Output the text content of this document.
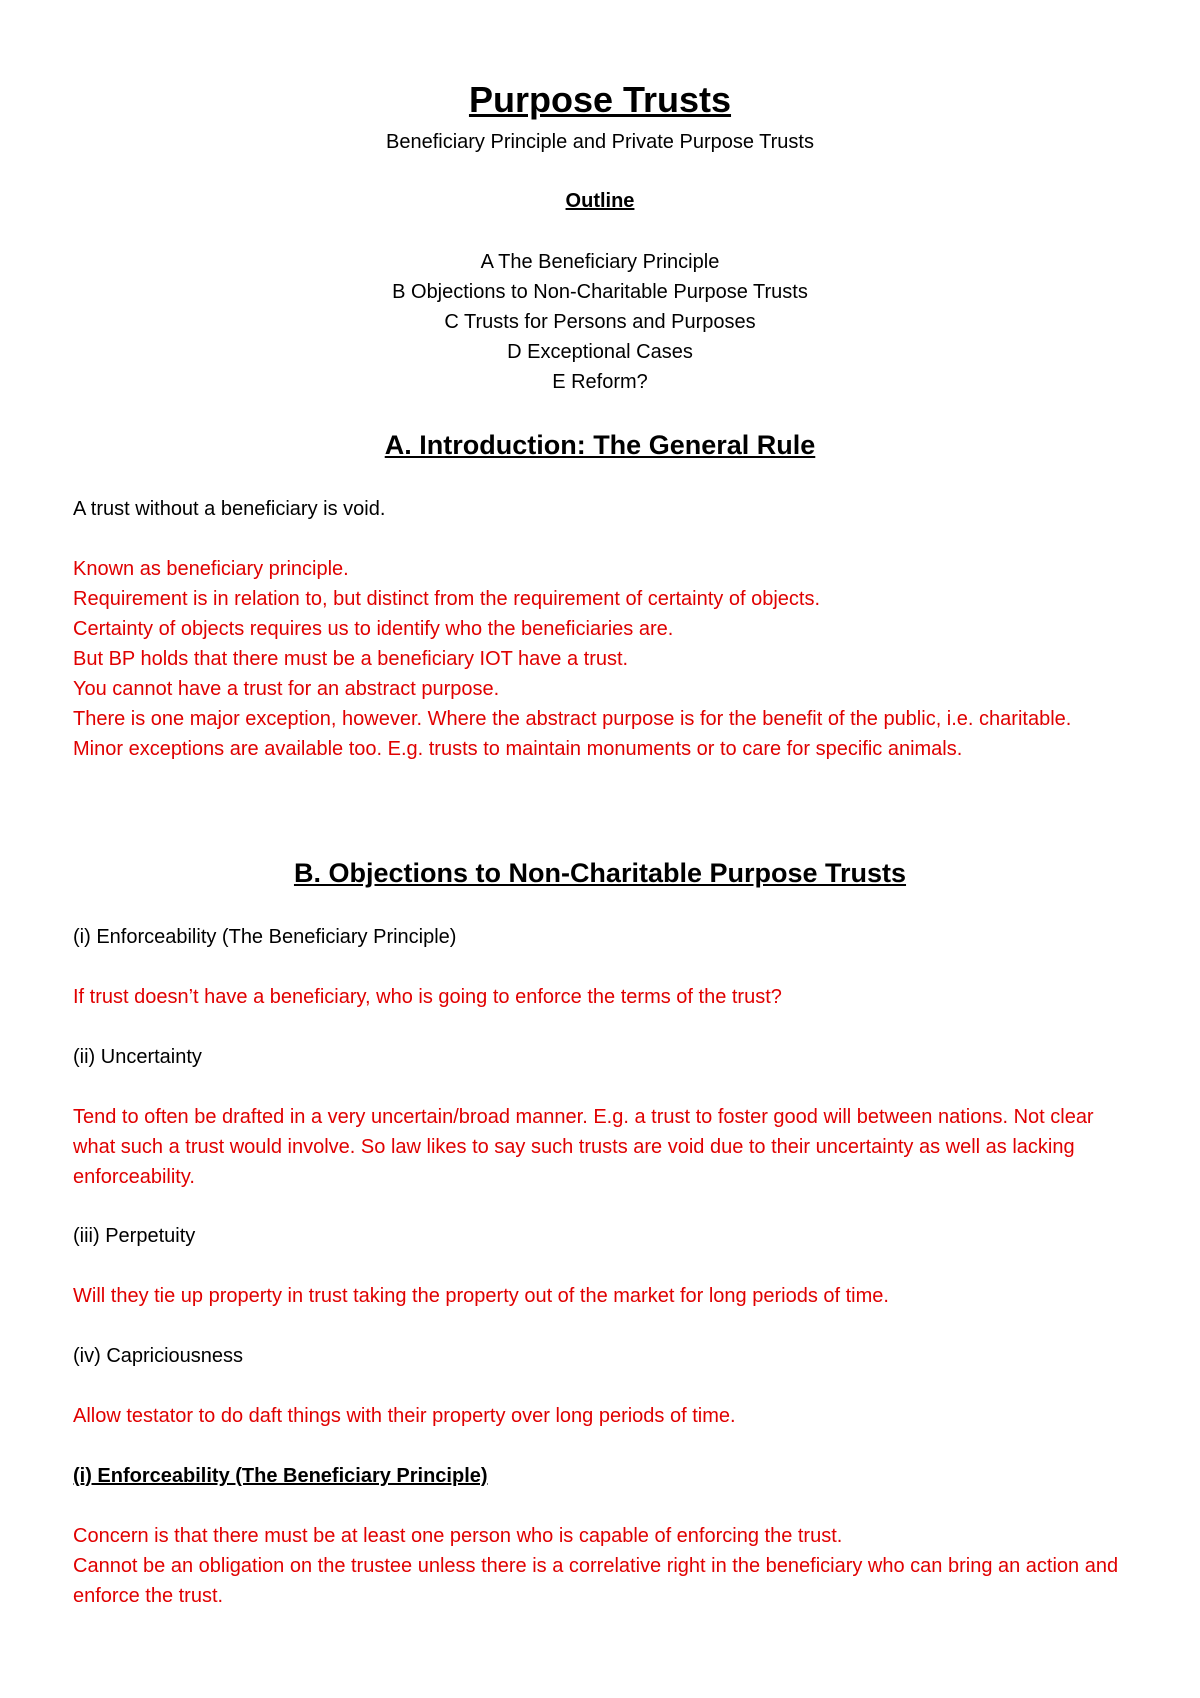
Purpose Trusts
Beneficiary Principle and Private Purpose Trusts
Outline
A The Beneficiary Principle
B Objections to Non-Charitable Purpose Trusts
C Trusts for Persons and Purposes
D Exceptional Cases
E Reform?
A. Introduction: The General Rule
A trust without a beneficiary is void.

Known as beneficiary principle.

Requirement is in relation to, but distinct from the requirement of certainty of objects.

Certainty of objects requires us to identify who the beneficiaries are.

But BP holds that there must be a beneficiary IOT have a trust.

You cannot have a trust for an abstract purpose.

There is one major exception, however. Where the abstract purpose is for the benefit of the public, i.e. charitable.

Minor exceptions are available too. E.g. trusts to maintain monuments or to care for specific animals.

B. Objections to Non-Charitable Purpose Trusts
(i) Enforceability (The Beneficiary Principle)
If trust doesn’t have a beneficiary, who is going to enforce the terms of the trust?
(ii) Uncertainty
Tend to often be drafted in a very uncertain/broad manner. E.g. a trust to foster good will between nations. Not clear what such a trust would involve. So law likes to say such trusts are void due to their uncertainty as well as lacking enforceability.
(iii) Perpetuity
Will they tie up property in trust taking the property out of the market for long periods of time.
(iv) Capriciousness
Allow testator to do daft things with their property over long periods of time.
(i) Enforceability (The Beneficiary Principle)

Concern is that there must be at least one person who is capable of enforcing the trust.

Cannot be an obligation on the trustee unless there is a correlative right in the beneficiary who can bring an action and enforce the trust.
